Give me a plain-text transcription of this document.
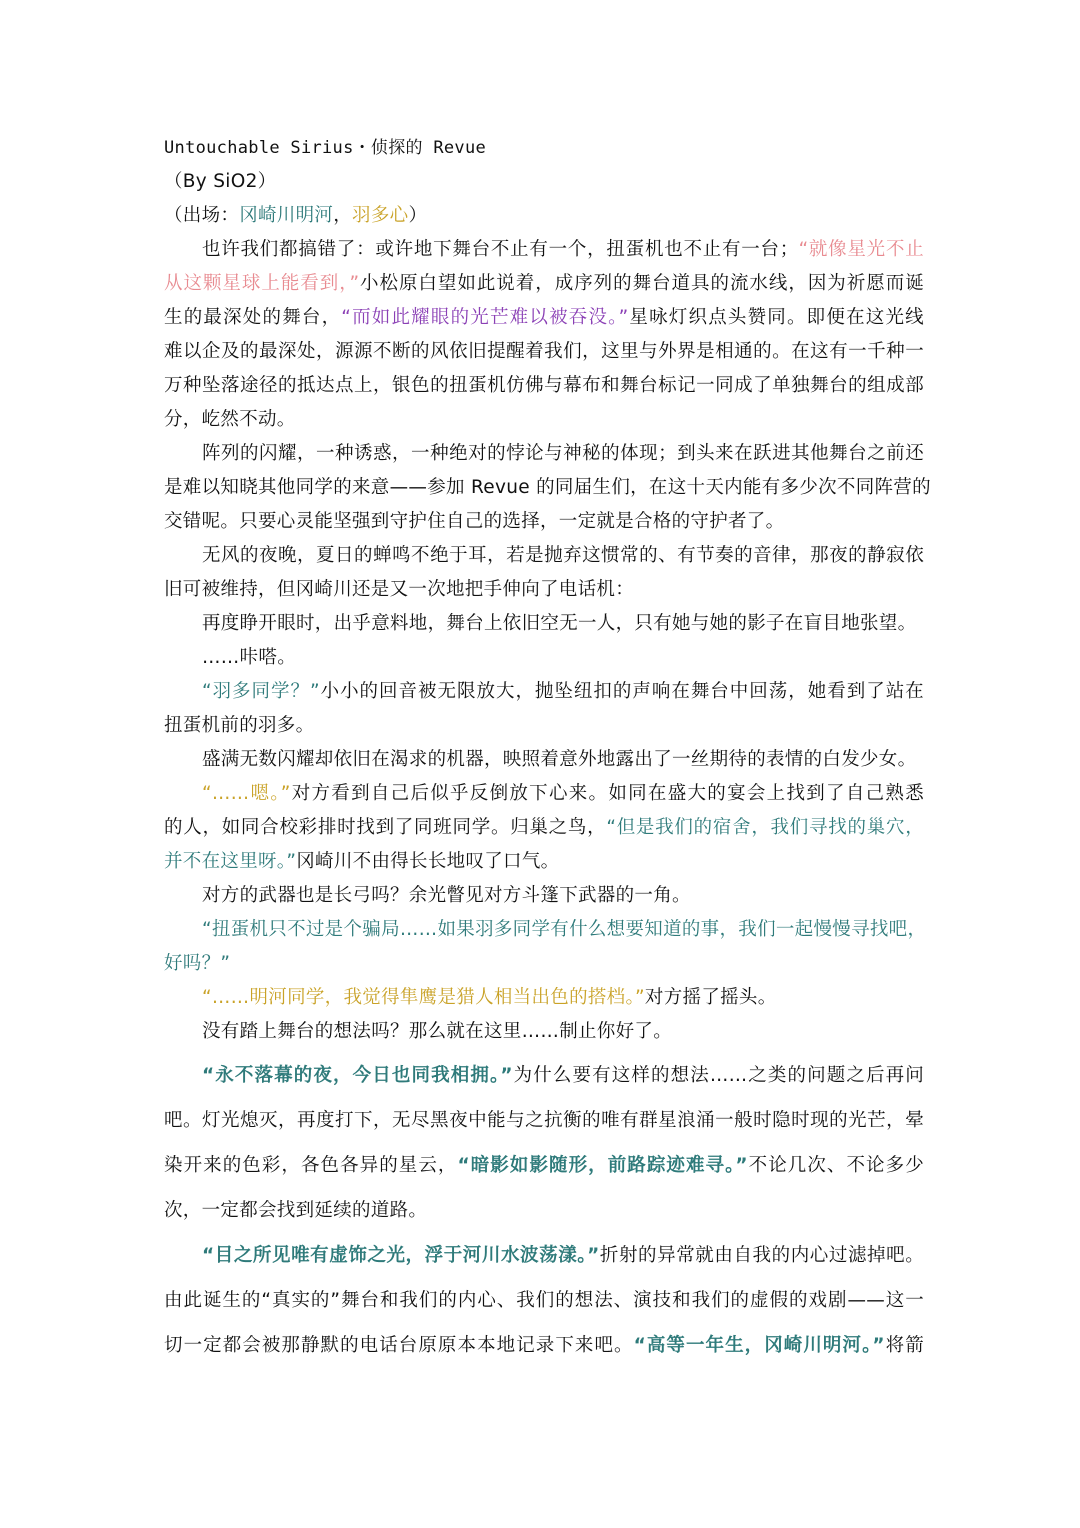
Untouchable Sirius・侦探的 Revue
（By SiO2）
（出场：冈崎川明河，羽多心）
也许我们都搞错了：或许地下舞台不止有一个，扭蛋机也不止有一台；“就像星光不止
从这颗星球上能看到，”小松原白望如此说着，成序列的舞台道具的流水线，因为祈愿而诞
生的最深处的舞台，“而如此耀眼的光芒难以被吞没。”星咏灯织点头赞同。即便在这光线
难以企及的最深处，源源不断的风依旧提醒着我们，这里与外界是相通的。在这有一千种一
万种坠落途径的抵达点上，银色的扭蛋机仿佛与幕布和舞台标记一同成了单独舞台的组成部
分，屹然不动。
阵列的闪耀，一种诱惑，一种绝对的悖论与神秘的体现；到头来在跃进其他舞台之前还
是难以知晓其他同学的来意——参加 Revue 的同届生们，在这十天内能有多少次不同阵营的
交错呢。只要心灵能坚强到守护住自己的选择，一定就是合格的守护者了。
无风的夜晚，夏日的蝉鸣不绝于耳，若是抛弃这惯常的、有节奏的音律，那夜的静寂依
旧可被维持，但冈崎川还是又一次地把手伸向了电话机：
再度睁开眼时，出乎意料地，舞台上依旧空无一人，只有她与她的影子在盲目地张望。
……咔嗒。
“羽多同学？”小小的回音被无限放大，抛坠纽扣的声响在舞台中回荡，她看到了站在
扭蛋机前的羽多。
盛满无数闪耀却依旧在渴求的机器，映照着意外地露出了一丝期待的表情的白发少女。
“……嗯。”对方看到自己后似乎反倒放下心来。如同在盛大的宴会上找到了自己熟悉
的人，如同合校彩排时找到了同班同学。归巢之鸟，“但是我们的宿舍，我们寻找的巢穴，
并不在这里呀。”冈崎川不由得长长地叹了口气。
对方的武器也是长弓吗？余光瞥见对方斗篷下武器的一角。
“扭蛋机只不过是个骗局……如果羽多同学有什么想要知道的事，我们一起慢慢寻找吧，
好吗？”
“……明河同学，我觉得隼鹰是猎人相当出色的搭档。”对方摇了摇头。
没有踏上舞台的想法吗？那么就在这里……制止你好了。
“永不落幕的夜，今日也同我相拥。”为什么要有这样的想法……之类的问题之后再问
吧。灯光熄灭，再度打下，无尽黑夜中能与之抗衡的唯有群星浪涌一般时隐时现的光芒，晕
染开来的色彩，各色各异的星云，“暗影如影随形，前路踪迹难寻。”不论几次、不论多少
次，一定都会找到延续的道路。
“目之所见唯有虚饰之光，浮于河川水波荡漾。”折射的异常就由自我的内心过滤掉吧。
由此诞生的“真实的”舞台和我们的内心、我们的想法、演技和我们的虚假的戏剧——这一
切一定都会被那静默的电话台原原本本地记录下来吧。“高等一年生，冈崎川明河。”将箭
